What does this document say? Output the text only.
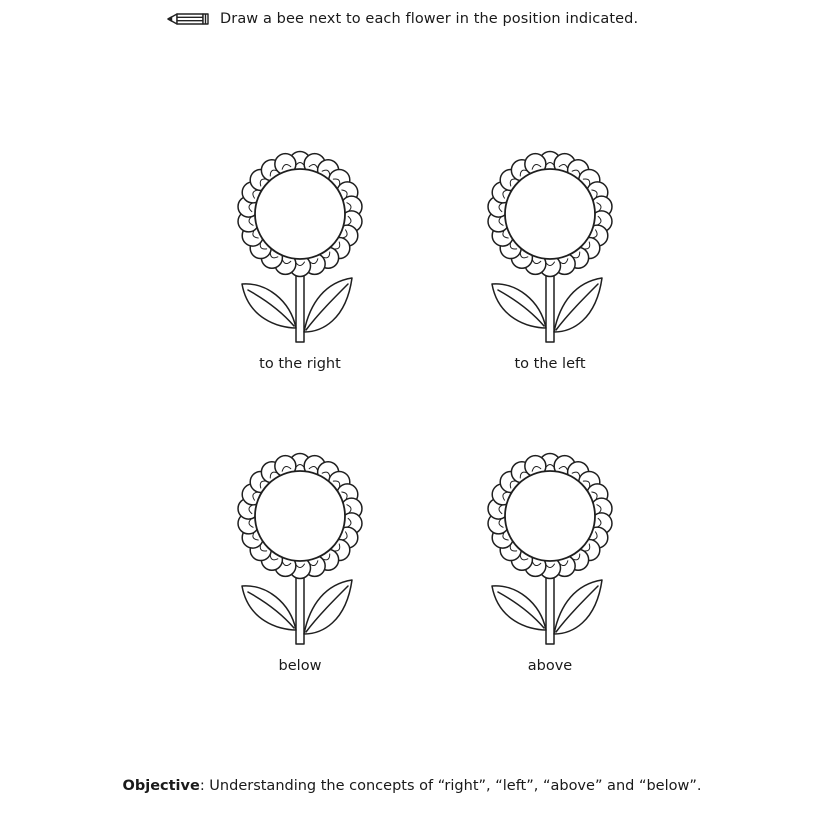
Draw a bee next to each flower in the position indicated.
to the right	to the left
below	above
Objective: Understanding the concepts of “right”, “left”, “above” and “below”.
